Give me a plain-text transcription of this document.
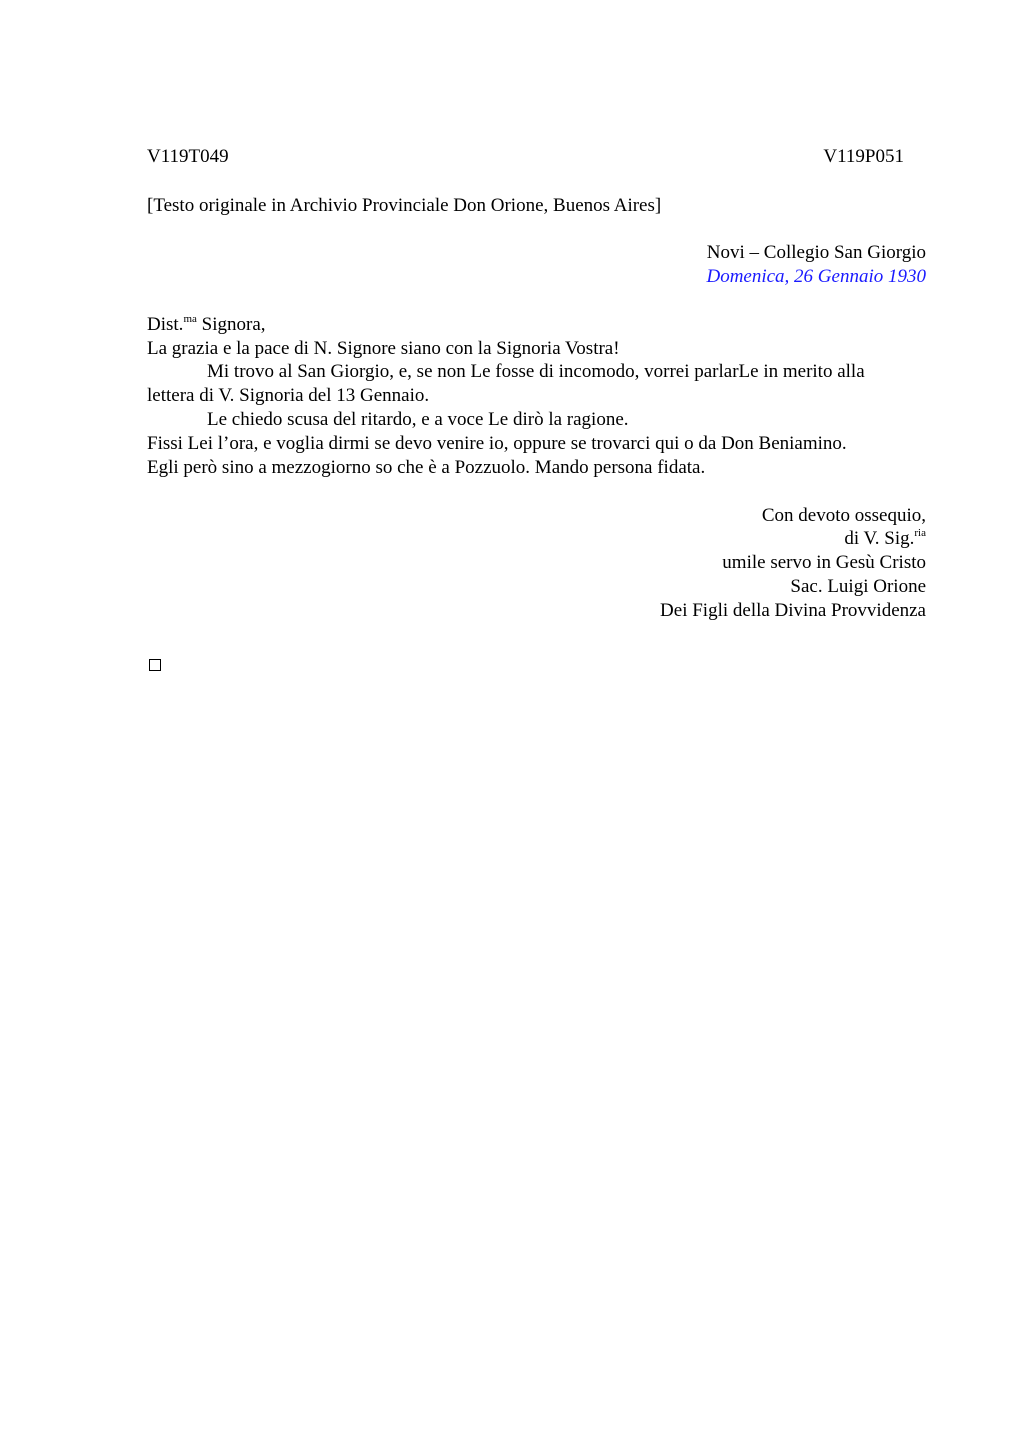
V119T049	V119P051
[Testo originale in Archivio Provinciale Don Orione, Buenos Aires]
Novi – Collegio San Giorgio
Domenica, 26 Gennaio 1930
Dist.$^{ma}$ Signora,
La grazia e la pace di N. Signore siano con la Signoria Vostra!
Mi trovo al San Giorgio, e, se non Le fosse di incomodo, vorrei parlarLe in merito alla
lettera di V. Signoria del 13 Gennaio.
Le chiedo scusa del ritardo, e a voce Le dirò la ragione.
Fissi Lei l’ora, e voglia dirmi se devo venire io, oppure se trovarci qui o da Don Beniamino.
Egli però sino a mezzogiorno so che è a Pozzuolo. Mando persona fidata.
Con devoto ossequio,
di V. Sig.$^{ria}$
umile servo in Gesù Cristo
Sac. Luigi Orione
Dei Figli della Divina Provvidenza
